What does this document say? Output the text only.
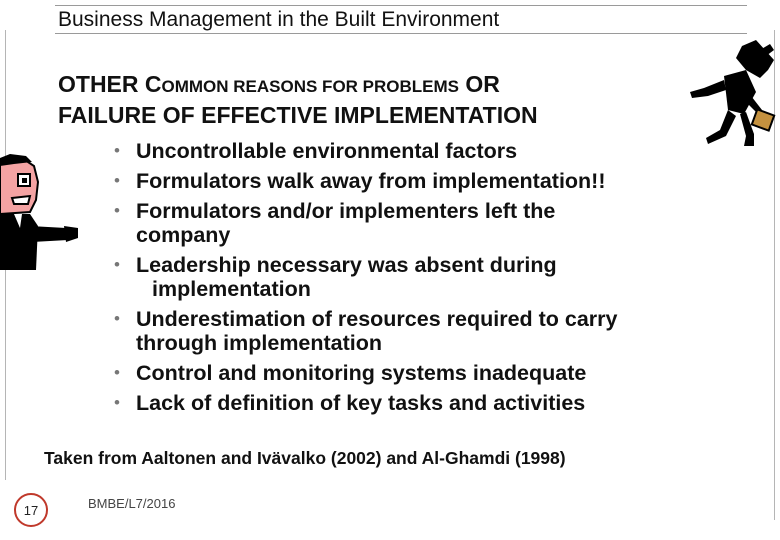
Business Management in the Built Environment
OTHER COMMON REASONS FOR PROBLEMS OR
FAILURE OF EFFECTIVE IMPLEMENTATION
• Uncontrollable environmental factors
• Formulators walk away from implementation!!
• Formulators and/or implementers left the
company
• Leadership necessary was absent during
implementation
• Underestimation of resources required to carry
through implementation
• Control and monitoring systems inadequate
• Lack of definition of key tasks and activities
Taken from Aaltonen and Ivävalko (2002) and Al-Ghamdi (1998)
17	BMBE/L7/2016
